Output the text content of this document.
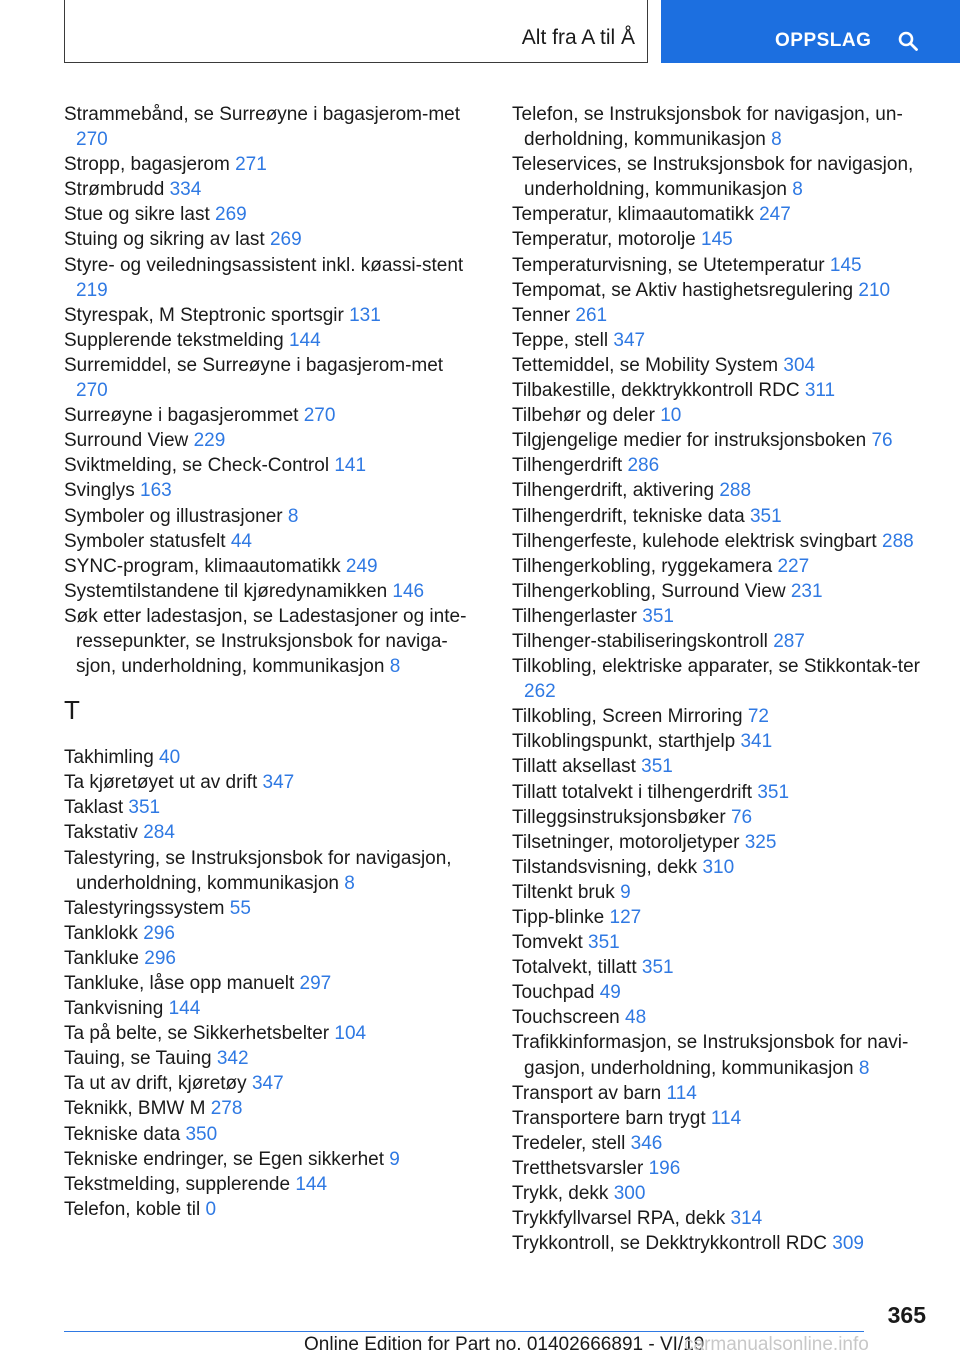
Alt fra A til Å	OPPSLAG
Strammebånd, se Surreøyne i bagasjerom-met 270
Stropp, bagasjerom 271
Strømbrudd 334
Stue og sikre last 269
Stuing og sikring av last 269
Styre- og veiledningsassistent inkl. køassi-stent 219
Styrespak, M Steptronic sportsgir 131
Supplerende tekstmelding 144
Surremiddel, se Surreøyne i bagasjerom-met 270
Surreøyne i bagasjerommet 270
Surround View 229
Sviktmelding, se Check-Control 141
Svinglys 163
Symboler og illustrasjoner 8
Symboler statusfelt 44
SYNC-program, klimaautomatikk 249
Systemtilstandene til kjøredynamikken 146
Søk etter ladestasjon, se Ladestasjoner og inte-ressepunkter, se Instruksjonsbok for naviga-sjon, underholdning, kommunikasjon 8
T
Takhimling 40
Ta kjøretøyet ut av drift 347
Taklast 351
Takstativ 284
Talestyring, se Instruksjonsbok for navigasjon, underholdning, kommunikasjon 8
Talestyringssystem 55
Tanklokk 296
Tankluke 296
Tankluke, låse opp manuelt 297
Tankvisning 144
Ta på belte, se Sikkerhetsbelter 104
Tauing, se Tauing 342
Ta ut av drift, kjøretøy 347
Teknikk, BMW M 278
Tekniske data 350
Tekniske endringer, se Egen sikkerhet 9
Tekstmelding, supplerende 144
Telefon, koble til 0
Telefon, se Instruksjonsbok for navigasjon, un-derholdning, kommunikasjon 8
Teleservices, se Instruksjonsbok for navigasjon, underholdning, kommunikasjon 8
Temperatur, klimaautomatikk 247
Temperatur, motorolje 145
Temperaturvisning, se Utetemperatur 145
Tempomat, se Aktiv hastighetsregulering 210
Tenner 261
Teppe, stell 347
Tettemiddel, se Mobility System 304
Tilbakestille, dekktrykkontroll RDC 311
Tilbehør og deler 10
Tilgjengelige medier for instruksjonsboken 76
Tilhengerdrift 286
Tilhengerdrift, aktivering 288
Tilhengerdrift, tekniske data 351
Tilhengerfeste, kulehode elektrisk svingbart 288
Tilhengerkobling, ryggekamera 227
Tilhengerkobling, Surround View 231
Tilhengerlaster 351
Tilhenger-stabiliseringskontroll 287
Tilkobling, elektriske apparater, se Stikkontak-ter 262
Tilkobling, Screen Mirroring 72
Tilkoblingspunkt, starthjelp 341
Tillatt aksellast 351
Tillatt totalvekt i tilhengerdrift 351
Tilleggsinstruksjonsbøker 76
Tilsetninger, motoroljetyper 325
Tilstandsvisning, dekk 310
Tiltenkt bruk 9
Tipp-blinke 127
Tomvekt 351
Totalvekt, tillatt 351
Touchpad 49
Touchscreen 48
Trafikkinformasjon, se Instruksjonsbok for navi-gasjon, underholdning, kommunikasjon 8
Transport av barn 114
Transportere barn trygt 114
Tredeler, stell 346
Tretthetsvarsler 196
Trykk, dekk 300
Trykkfyllvarsel RPA, dekk 314
Trykkontroll, se Dekktrykkontroll RDC 309
365
Online Edition for Part no. 01402666891 - VI/19
carmanualsonline.info
